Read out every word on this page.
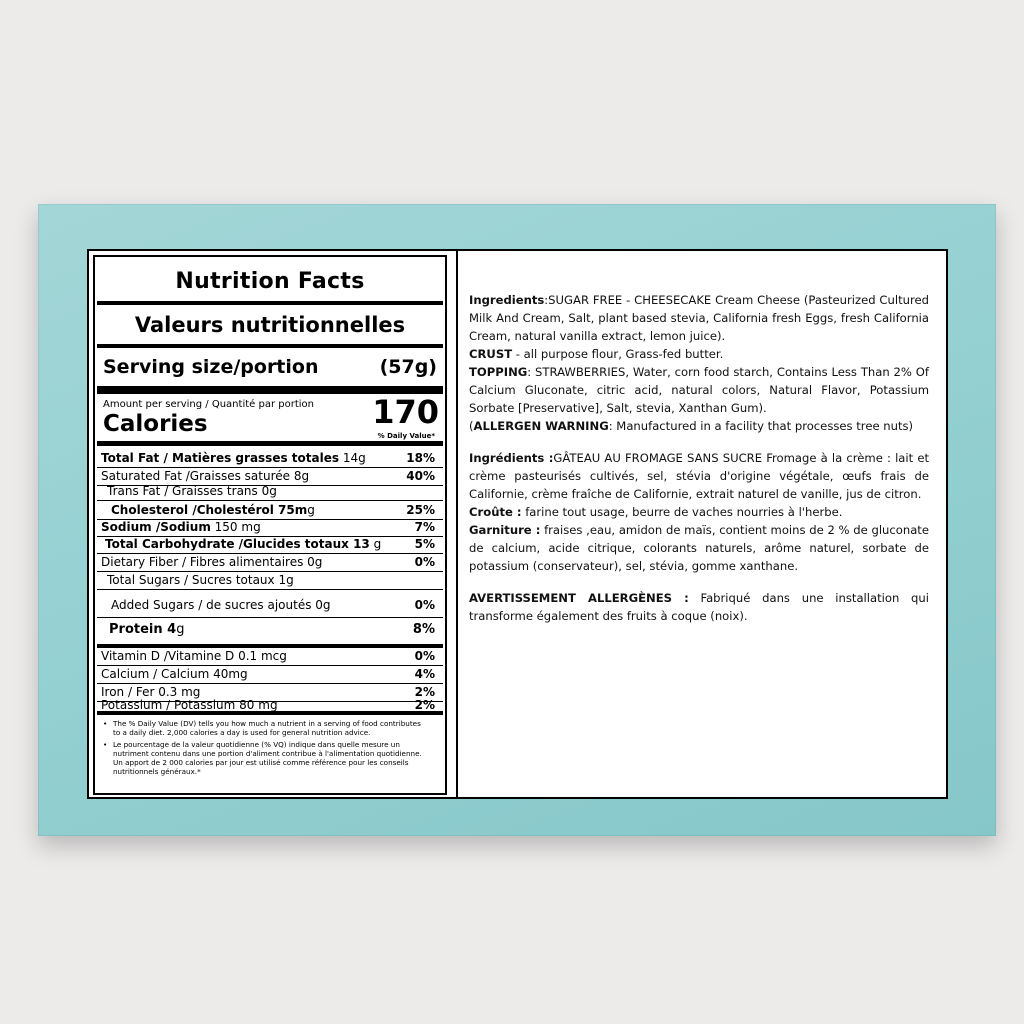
Nutrition Facts
Valeurs nutritionnelles
Serving size/portion	(57g)
Amount per serving / Quantité par portion
Calories	170
% Daily Value*
Total Fat / Matières grasses totales 14g	18%
Saturated Fat /Graisses saturée 8g	40%
Trans Fat / Graisses trans 0g
Cholesterol /Cholestérol 75mg	25%
Sodium /Sodium 150 mg	7%
Total Carbohydrate /Glucides totaux 13 g	5%
Dietary Fiber / Fibres alimentaires 0g	0%
Total Sugars / Sucres totaux 1g
Added Sugars / de sucres ajoutés 0g	0%
Protein 4g	8%
Vitamin D /Vitamine D 0.1 mcg	0%
Calcium / Calcium 40mg	4%
Iron / Fer 0.3 mg	2%
Potassium / Potassium 80 mg	2%
• The % Daily Value (DV) tells you how much a nutrient in a serving of food contributes to a daily diet. 2,000 calories a day is used for general nutrition advice.
• Le pourcentage de la valeur quotidienne (% VQ) indique dans quelle mesure un nutriment contenu dans une portion d'aliment contribue à l'alimentation quotidienne. Un apport de 2 000 calories par jour est utilisé comme référence pour les conseils nutritionnels généraux.*

Ingredients:SUGAR FREE - CHEESECAKE Cream Cheese (Pasteurized Cultured Milk And Cream, Salt, plant based stevia, California fresh Eggs, fresh California Cream, natural vanilla extract, lemon juice).

CRUST - all purpose flour, Grass-fed butter.

TOPPING: STRAWBERRIES, Water, corn food starch, Contains Less Than 2% Of Calcium Gluconate, citric acid, natural colors, Natural Flavor, Potassium Sorbate [Preservative], Salt, stevia, Xanthan Gum).

(ALLERGEN WARNING: Manufactured in a facility that processes tree nuts)

Ingrédients :GÂTEAU AU FROMAGE SANS SUCRE Fromage à la crème : lait et crème pasteurisés cultivés, sel, stévia d'origine végétale, œufs frais de Californie, crème fraîche de Californie, extrait naturel de vanille, jus de citron.

Croûte : farine tout usage, beurre de vaches nourries à l'herbe.

Garniture : fraises ,eau, amidon de maïs, contient moins de 2 % de gluconate de calcium, acide citrique, colorants naturels, arôme naturel, sorbate de potassium (conservateur), sel, stévia, gomme xanthane.

AVERTISSEMENT ALLERGÈNES : Fabriqué dans une installation qui transforme également des fruits à coque (noix).
